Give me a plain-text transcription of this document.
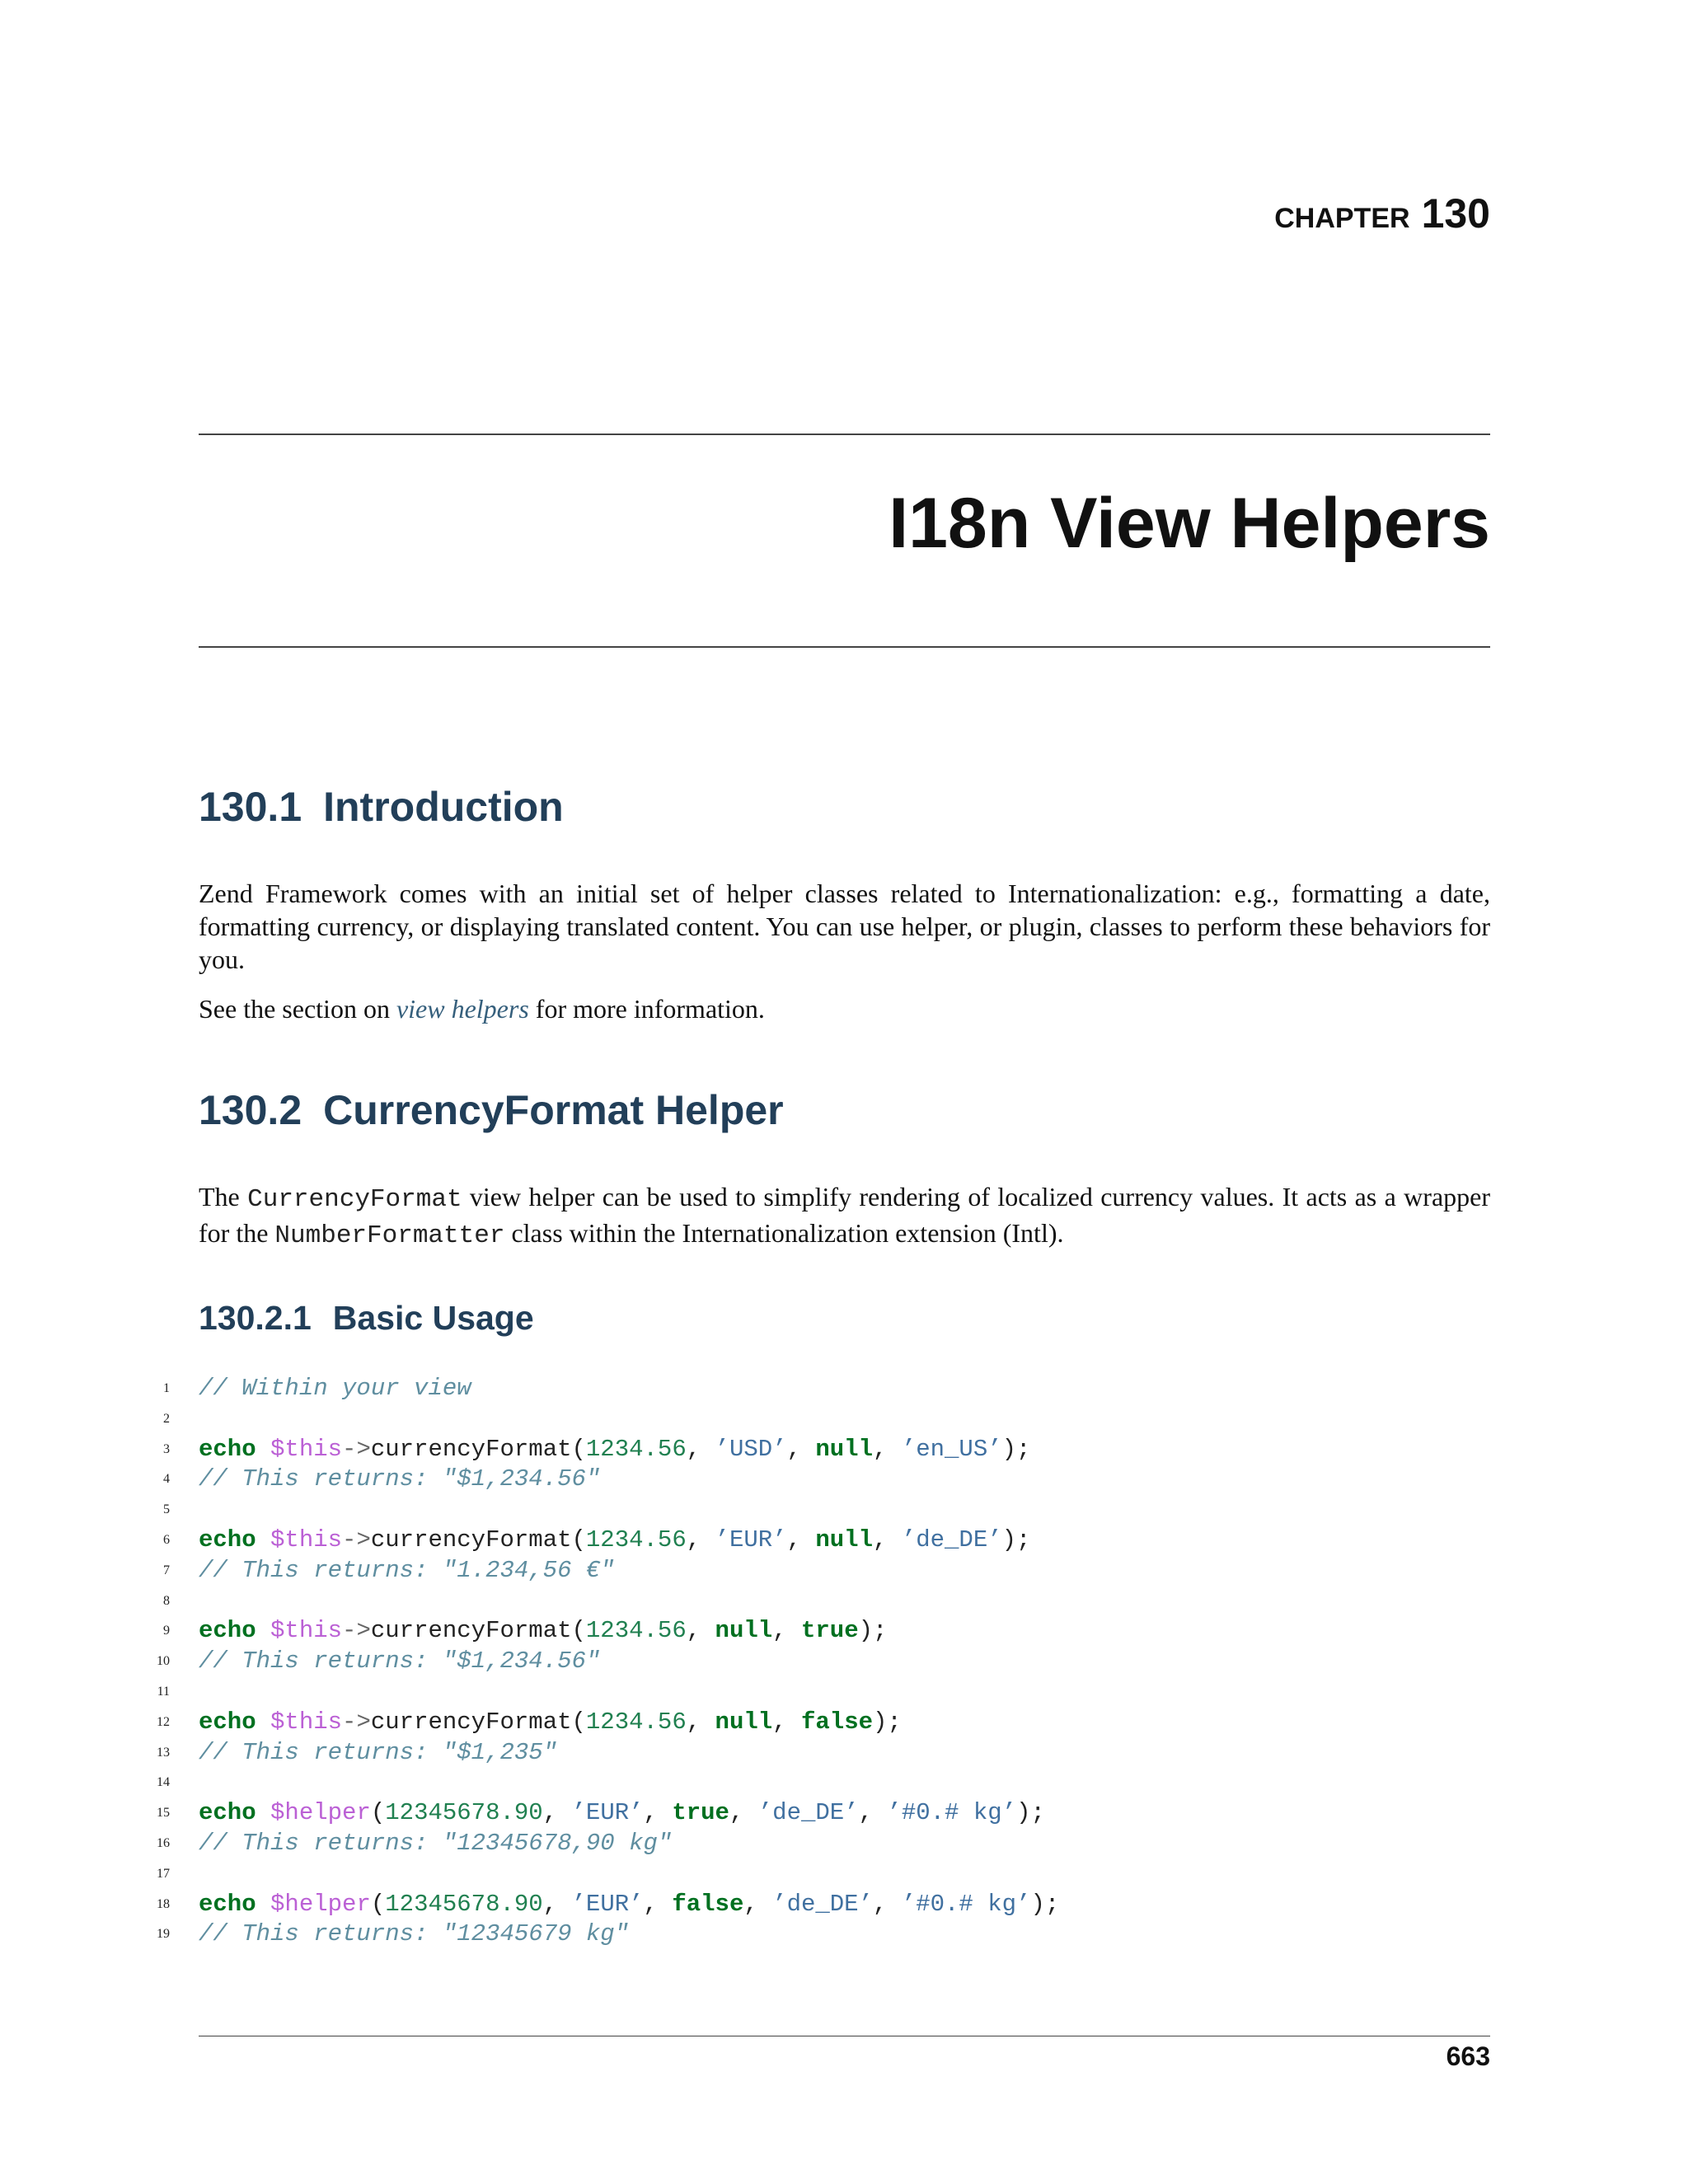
CHAPTER 130
I18n View Helpers
130.1 Introduction

Zend Framework comes with an initial set of helper classes related to Internationalization: e.g., formatting a date, formatting currency, or displaying translated content. You can use helper, or plugin, classes to perform these behaviors for you.

See the section on view helpers for more information.

130.2 CurrencyFormat Helper

The CurrencyFormat view helper can be used to simplify rendering of localized currency values. It acts as a wrapper for the NumberFormatter class within the Internationalization extension (Intl).

130.2.1 Basic Usage
1 // Within your view
2
3 echo $this->currencyFormat(1234.56, ’USD’, null, ’en_US’);
4 // This returns: "$1,234.56"
5
6 echo $this->currencyFormat(1234.56, ’EUR’, null, ’de_DE’);
7 // This returns: "1.234,56 €"
8
9 echo $this->currencyFormat(1234.56, null, true);
10 // This returns: "$1,234.56"
11
12 echo $this->currencyFormat(1234.56, null, false);
13 // This returns: "$1,235"
14
15 echo $helper(12345678.90, ’EUR’, true, ’de_DE’, ’#0.# kg’);
16 // This returns: "12345678,90 kg"
17
18 echo $helper(12345678.90, ’EUR’, false, ’de_DE’, ’#0.# kg’);
19 // This returns: "12345679 kg"
663
